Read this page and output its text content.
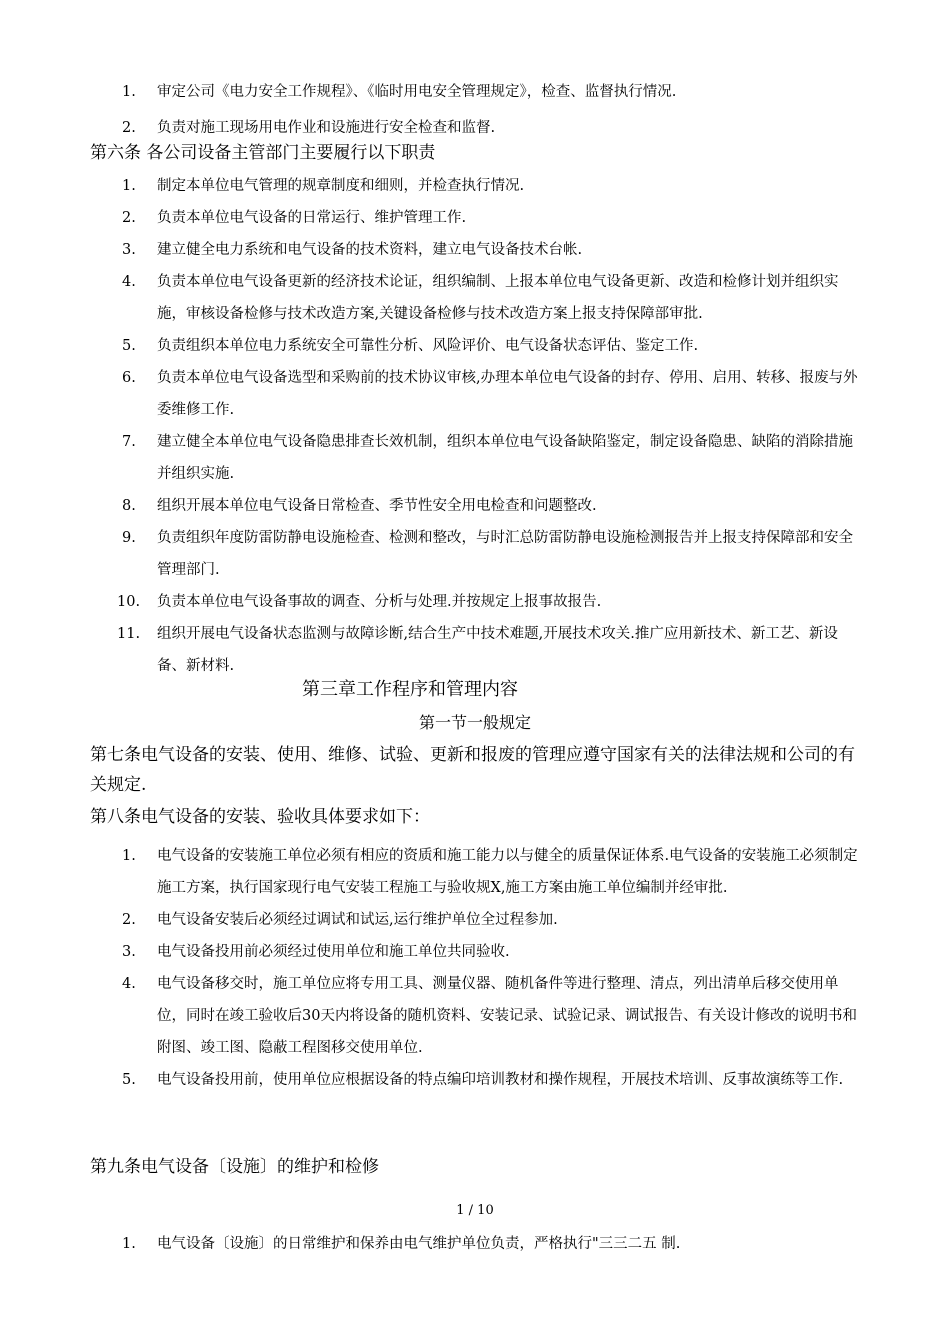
1.	审定公司《电力安全工作规程》、《临时用电安全管理规定》，检查、监督执行情况.
2.	负责对施工现场用电作业和设施进行安全检查和监督.
第六条 各公司设备主管部门主要履行以下职责
1.	制定本单位电气管理的规章制度和细则，并检查执行情况.
2.	负责本单位电气设备的日常运行、维护管理工作.
3.	建立健全电力系统和电气设备的技术资料，建立电气设备技术台帐.
4.	负责本单位电气设备更新的经济技术论证，组织编制、上报本单位电气设备更新、改造和检修计划并组织实施，审核设备检修与技术改造方案,关键设备检修与技术改造方案上报支持保障部审批.
5.	负责组织本单位电力系统安全可靠性分析、风险评价、电气设备状态评估、鉴定工作.
6.	负责本单位电气设备选型和采购前的技术协议审核,办理本单位电气设备的封存、停用、启用、转移、报废与外委维修工作.
7.	建立健全本单位电气设备隐患排查长效机制，组织本单位电气设备缺陷鉴定，制定设备隐患、缺陷的消除措施并组织实施.
8.	组织开展本单位电气设备日常检查、季节性安全用电检查和问题整改.
9.	负责组织年度防雷防静电设施检查、检测和整改，与时汇总防雷防静电设施检测报告并上报支持保障部和安全管理部门.
10.	负责本单位电气设备事故的调查、分析与处理.并按规定上报事故报告.
11.	组织开展电气设备状态监测与故障诊断,结合生产中技术难题,开展技术攻关.推广应用新技术、新工艺、新设备、新材料.
第三章工作程序和管理内容
第一节一般规定
第七条电气设备的安装、使用、维修、试验、更新和报废的管理应遵守国家有关的法律法规和公司的有关规定.
第八条电气设备的安装、验收具体要求如下：
1.	电气设备的安装施工单位必须有相应的资质和施工能力以与健全的质量保证体系.电气设备的安装施工必须制定施工方案，执行国家现行电气安装工程施工与验收规X,施工方案由施工单位编制并经审批.
2.	电气设备安装后必须经过调试和试运,运行维护单位全过程参加.
3.	电气设备投用前必须经过使用单位和施工单位共同验收.
4.	电气设备移交时，施工单位应将专用工具、测量仪器、随机备件等进行整理、清点，列出清单后移交使用单位，同时在竣工验收后30天内将设备的随机资料、安装记录、试验记录、调试报告、有关设计修改的说明书和附图、竣工图、隐蔽工程图移交使用单位.
5.	电气设备投用前，使用单位应根据设备的特点编印培训教材和操作规程，开展技术培训、反事故演练等工作.
第九条电气设备〔设施〕的维护和检修
1 / 10
1.	电气设备〔设施〕的日常维护和保养由电气维护单位负责，严格执行"三三二五 制.
